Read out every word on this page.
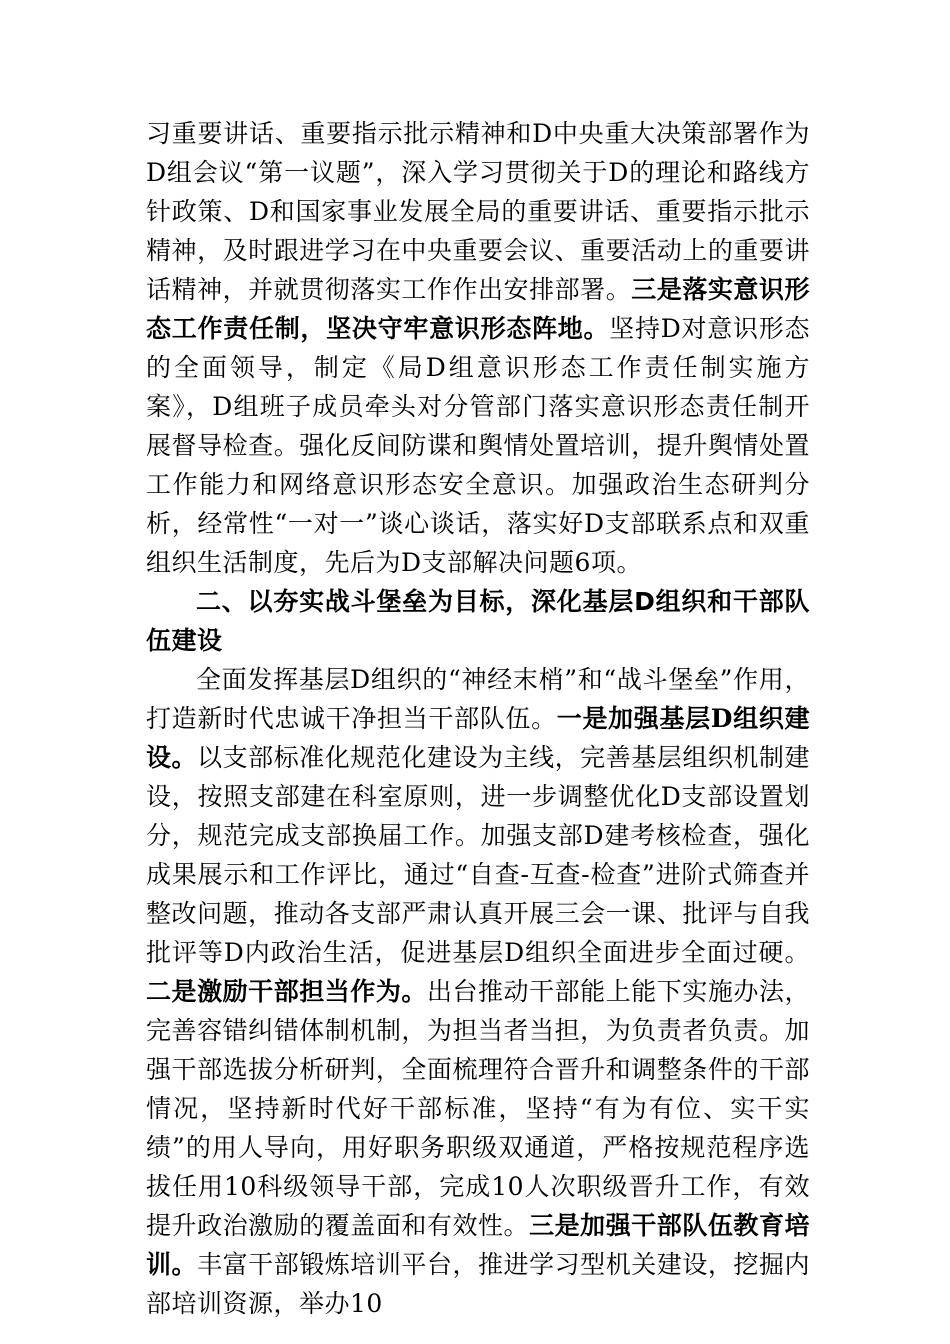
习重要讲话、重要指示批示精神和D中央重大决策部署作为D组会议“第一议题”，深入学习贯彻关于D的理论和路线方针政策、D和国家事业发展全局的重要讲话、重要指示批示精神，及时跟进学习在中央重要会议、重要活动上的重要讲话精神，并就贯彻落实工作作出安排部署。三是落实意识形态工作责任制，坚决守牢意识形态阵地。坚持D对意识形态的全面领导，制定《局D组意识形态工作责任制实施方案》，D组班子成员牵头对分管部门落实意识形态责任制开展督导检查。强化反间防谍和舆情处置培训，提升舆情处置工作能力和网络意识形态安全意识。加强政治生态研判分析，经常性“一对一”谈心谈话，落实好D支部联系点和双重组织生活制度，先后为D支部解决问题6项。

二、以夯实战斗堡垒为目标，深化基层D组织和干部队伍建设

全面发挥基层D组织的“神经末梢”和“战斗堡垒”作用，打造新时代忠诚干净担当干部队伍。一是加强基层D组织建设。以支部标准化规范化建设为主线，完善基层组织机制建设，按照支部建在科室原则，进一步调整优化D支部设置划分，规范完成支部换届工作。加强支部D建考核检查，强化成果展示和工作评比，通过“自查-互查-检查”进阶式筛查并整改问题，推动各支部严肃认真开展三会一课、批评与自我批评等D内政治生活，促进基层D组织全面进步全面过硬。二是激励干部担当作为。出台推动干部能上能下实施办法，完善容错纠错体制机制，为担当者当担，为负责者负责。加强干部选拔分析研判，全面梳理符合晋升和调整条件的干部情况，坚持新时代好干部标准，坚持“有为有位、实干实绩”的用人导向，用好职务职级双通道，严格按规范程序选拔任用10科级领导干部，完成10人次职级晋升工作，有效提升政治激励的覆盖面和有效性。三是加强干部队伍教育培训。丰富干部锻炼培训平台，推进学习型机关建设，挖掘内部培训资源，举办10
